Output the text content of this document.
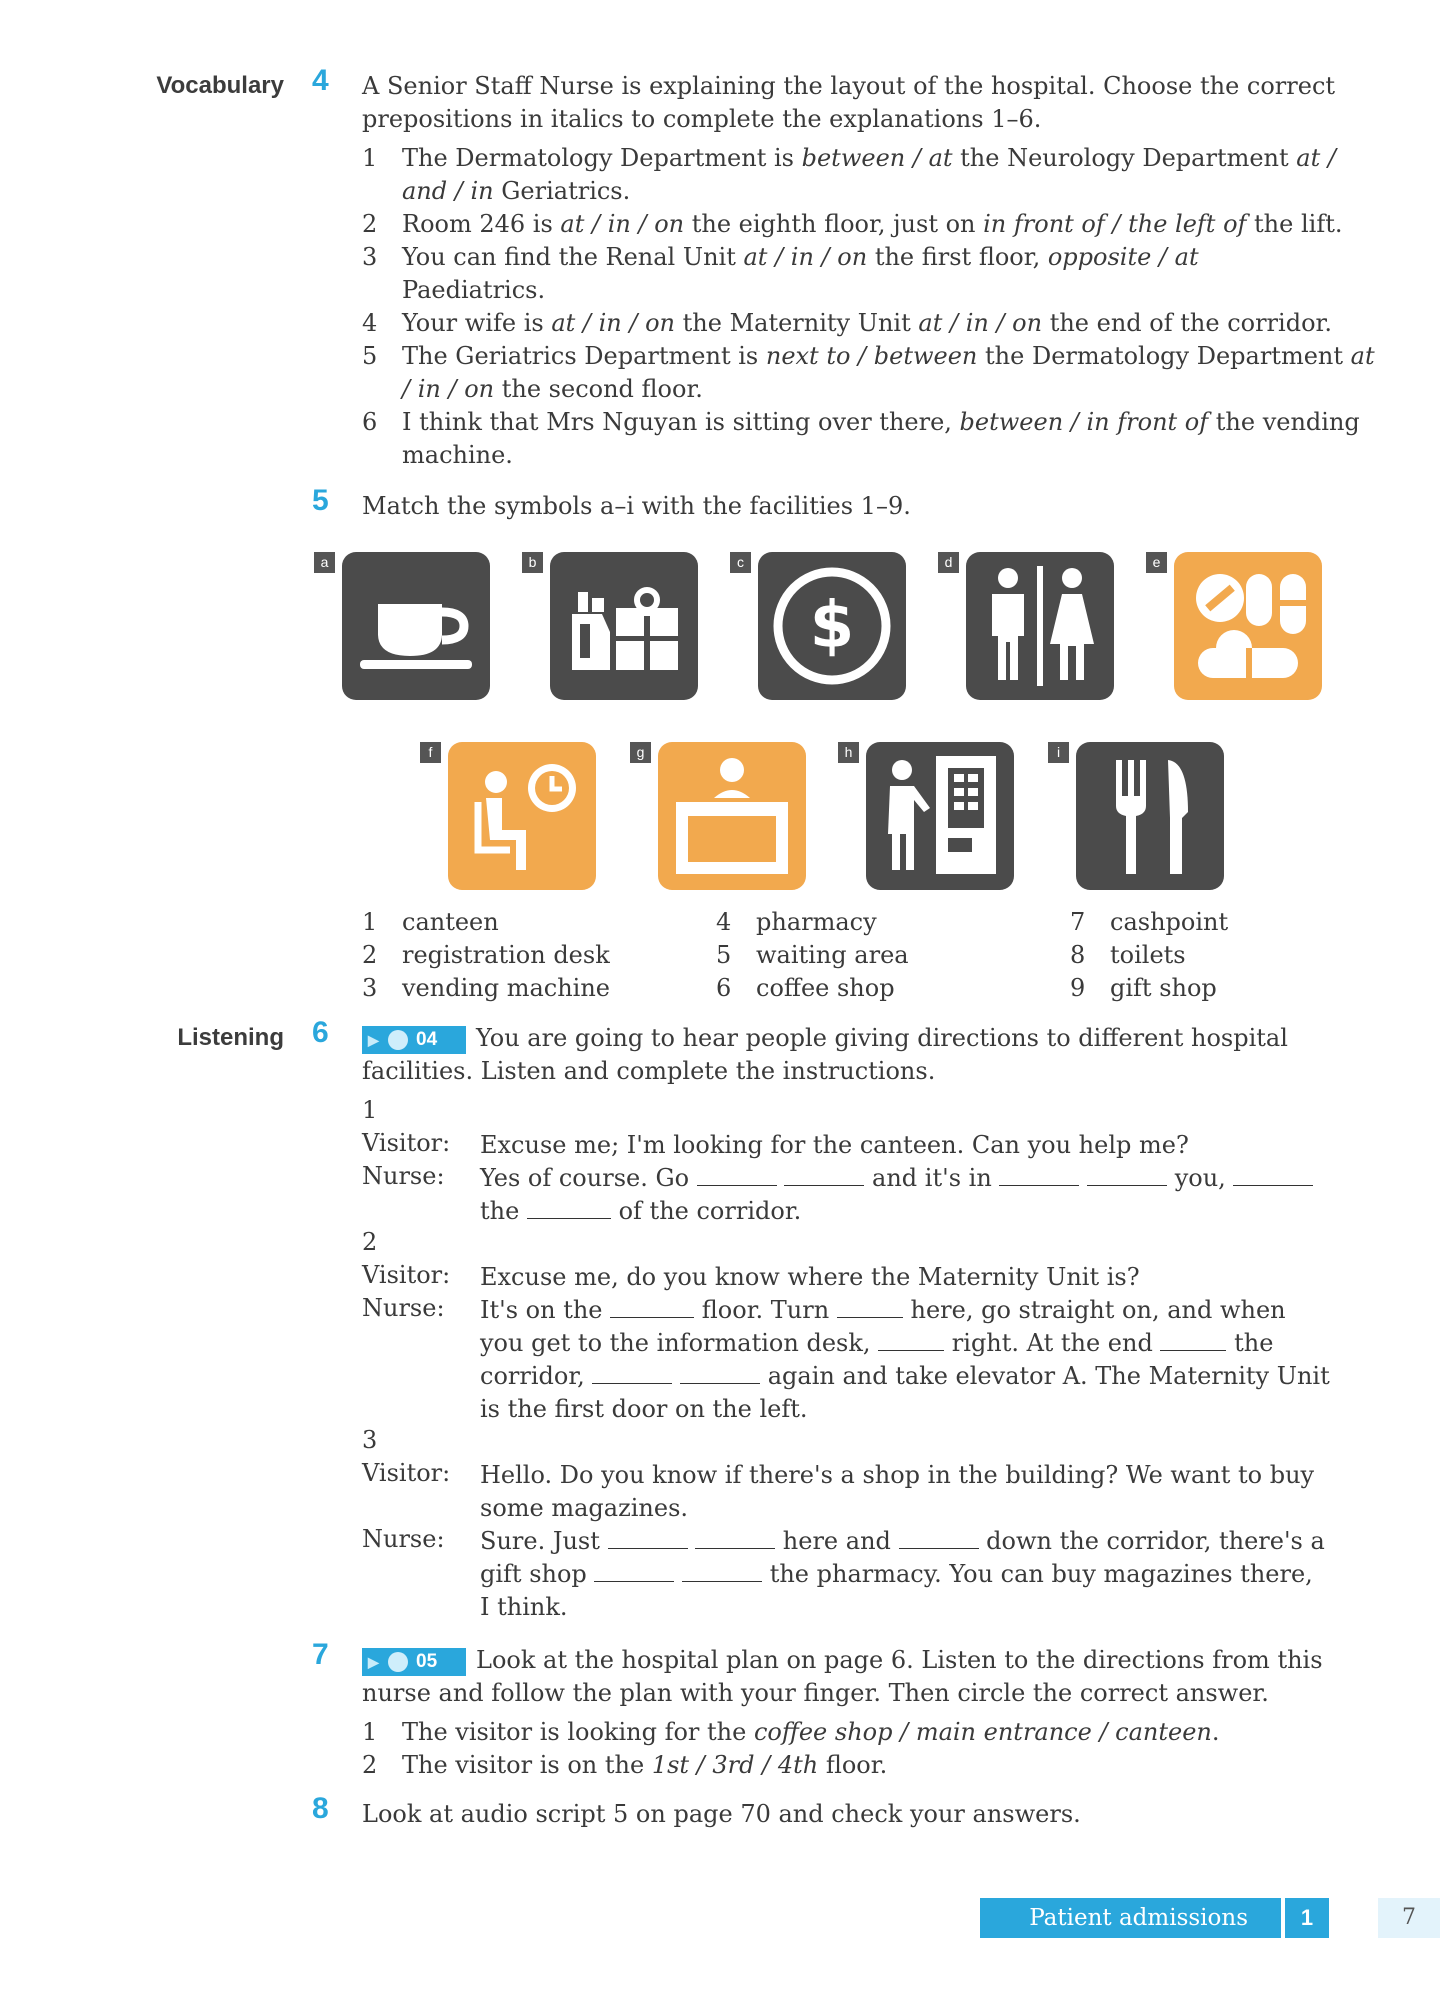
Vocabulary 4	A Senior Staff Nurse is explaining the layout of the hospital. Choose the correct prepositions in italics to complete the explanations 1–6.
1	The Dermatology Department is between / at the Neurology Department at / and / in Geriatrics.
2	Room 246 is at / in / on the eighth floor, just on in front of / the left of the lift.
3	You can find the Renal Unit at / in / on the first floor, opposite / at Paediatrics.
4	Your wife is at / in / on the Maternity Unit at / in / on the end of the corridor.
5	The Geriatrics Department is next to / between the Dermatology Department at / in / on the second floor.
6	I think that Mrs Nguyan is sitting over there, between / in front of the vending machine.
5	Match the symbols a–i with the facilities 1–9.
a	b	c
$
d	e
f	g	h	i
1 canteen
2 registration desk
3 vending machine
4 pharmacy
5 waiting area
6 coffee shop
7 cashpoint
8 toilets
9 gift shop
Listening 6	▶ 04 You are going to hear people giving directions to different hospital
facilities. Listen and complete the instructions.
1
Visitor: Excuse me; I'm looking for the canteen. Can you help me?
Nurse: Yes of course. Go	and it's in	you,
the	of the corridor.
2
Visitor: Excuse me, do you know where the Maternity Unit is?
Nurse: It's on the	floor. Turn	here, go straight on, and when
you get to the information desk,	right. At the end	the
corridor,	again and take elevator A. The Maternity Unit
is the first door on the left.
3
Visitor: Hello. Do you know if there's a shop in the building? We want to buy
some magazines.
Nurse: Sure. Just	here and	down the corridor, there's a
gift shop	the pharmacy. You can buy magazines there,
I think.
7	▶ 05 Look at the hospital plan on page 6. Listen to the directions from this
nurse and follow the plan with your finger. Then circle the correct answer.
1	The visitor is looking for the coffee shop / main entrance / canteen.
2	The visitor is on the 1st / 3rd / 4th floor.
8	Look at audio script 5 on page 70 and check your answers.
Patient admissions	1	7
